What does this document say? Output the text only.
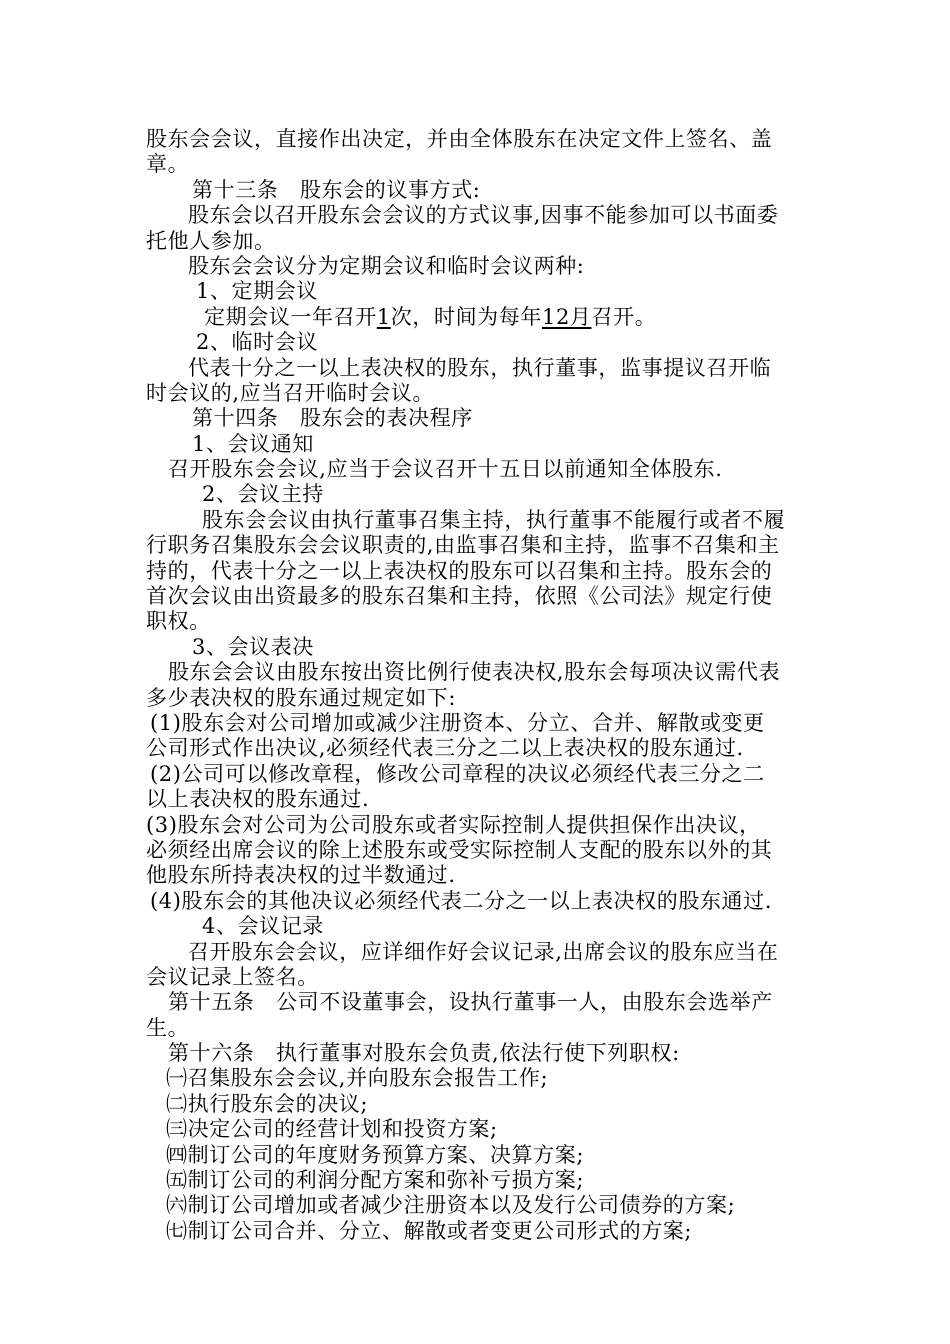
股东会会议，直接作出决定，并由全体股东在决定文件上签名、盖
章。
第十三条　股东会的议事方式:
股东会以召开股东会会议的方式议事,因事不能参加可以书面委
托他人参加。
股东会会议分为定期会议和临时会议两种:
1、定期会议
定期会议一年召开1次，时间为每年12月召开。
2、临时会议
代表十分之一以上表决权的股东，执行董事，监事提议召开临
时会议的,应当召开临时会议。
第十四条　股东会的表决程序
1、会议通知
召开股东会会议,应当于会议召开十五日以前通知全体股东.
2、会议主持
股东会会议由执行董事召集主持，执行董事不能履行或者不履
行职务召集股东会会议职责的,由监事召集和主持，监事不召集和主
持的，代表十分之一以上表决权的股东可以召集和主持。股东会的
首次会议由出资最多的股东召集和主持，依照《公司法》规定行使
职权。
3、会议表决
股东会会议由股东按出资比例行使表决权,股东会每项决议需代表
多少表决权的股东通过规定如下:
(1)股东会对公司增加或减少注册资本、分立、合并、解散或变更
公司形式作出决议,必须经代表三分之二以上表决权的股东通过.
(2)公司可以修改章程，修改公司章程的决议必须经代表三分之二
以上表决权的股东通过.
(3)股东会对公司为公司股东或者实际控制人提供担保作出决议，
必须经出席会议的除上述股东或受实际控制人支配的股东以外的其
他股东所持表决权的过半数通过.
(4)股东会的其他决议必须经代表二分之一以上表决权的股东通过.
4、会议记录
召开股东会会议，应详细作好会议记录,出席会议的股东应当在
会议记录上签名。
第十五条　公司不设董事会，设执行董事一人，由股东会选举产
生。
第十六条　执行董事对股东会负责,依法行使下列职权:
㈠召集股东会会议,并向股东会报告工作;
㈡执行股东会的决议;
㈢决定公司的经营计划和投资方案;
㈣制订公司的年度财务预算方案、决算方案;
㈤制订公司的利润分配方案和弥补亏损方案;
㈥制订公司增加或者减少注册资本以及发行公司债券的方案;
㈦制订公司合并、分立、解散或者变更公司形式的方案;
